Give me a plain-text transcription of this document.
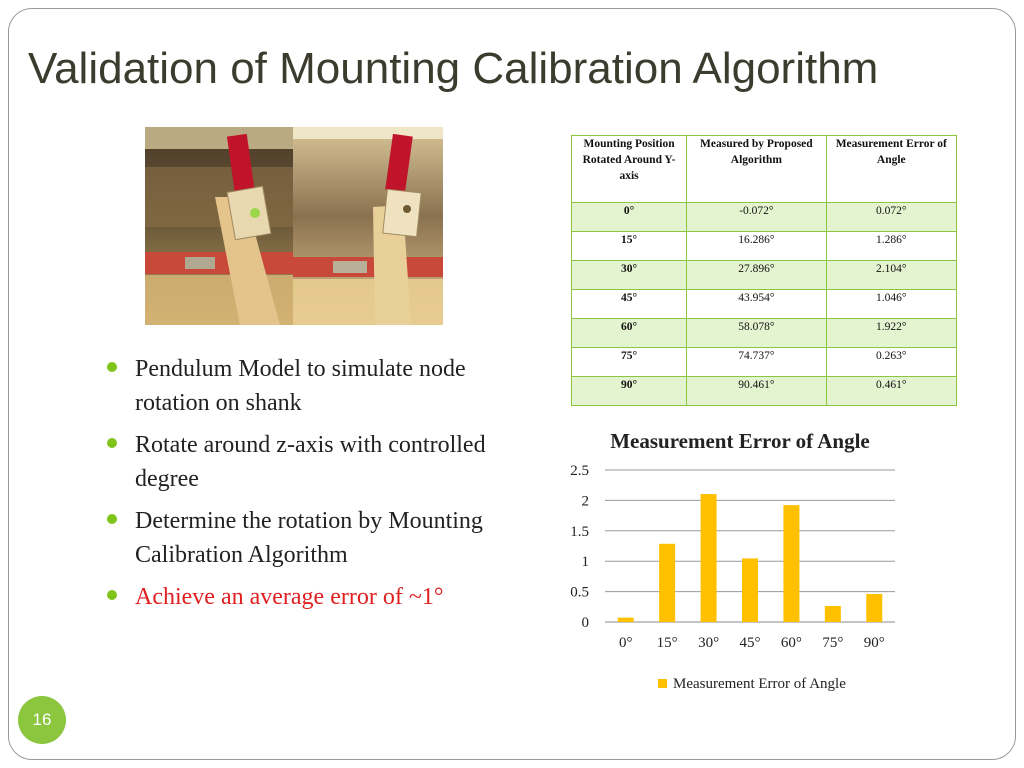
Validation of Mounting Calibration Algorithm
Pendulum Model to simulate node rotation on shank
Rotate around z-axis with controlled degree
Determine the rotation by Mounting Calibration Algorithm
Achieve an average error of ~1°
Mounting Position Rotated Around Y-axis	Measured by Proposed Algorithm	Measurement Error of Angle
0°	-0.072°	0.072°
15°	16.286°	1.286°
30°	27.896°	2.104°
45°	43.954°	1.046°
60°	58.078°	1.922°
75°	74.737°	0.263°
90°	90.461°	0.461°
Measurement Error of Angle
0
0.5
1
1.5
2
2.5
0° 15° 30° 45° 60° 75° 90°
Measurement Error of Angle
16
